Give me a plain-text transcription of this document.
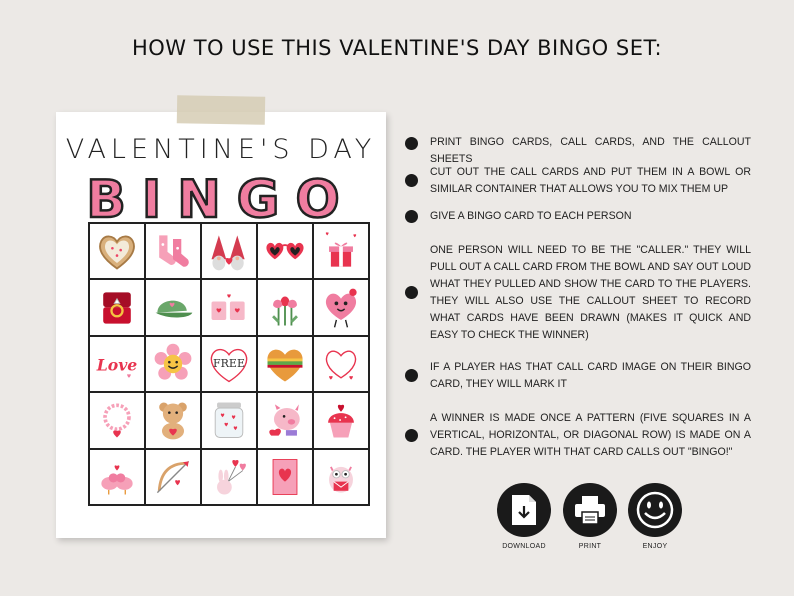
HOW TO USE THIS VALENTINE'S DAY BINGO SET:
VALENTINE'S DAY
BINGO
Love	FREE
PRINT BINGO CARDS, CALL CARDS, AND THE CALLOUT SHEETS
CUT OUT THE CALL CARDS AND PUT THEM IN A BOWL OR SIMILAR CONTAINER THAT ALLOWS YOU TO MIX THEM UP
GIVE A BINGO CARD TO EACH PERSON
ONE PERSON WILL NEED TO BE THE "CALLER." THEY WILL PULL OUT A CALL CARD FROM THE BOWL AND SAY OUT LOUD WHAT THEY PULLED AND SHOW THE CARD TO THE PLAYERS. THEY WILL ALSO USE THE CALLOUT SHEET TO RECORD WHAT CARDS HAVE BEEN DRAWN (MAKES IT QUICK AND EASY TO CHECK THE WINNER)
IF A PLAYER HAS THAT CALL CARD IMAGE ON THEIR BINGO CARD, THEY WILL MARK IT
A WINNER IS MADE ONCE A PATTERN (FIVE SQUARES IN A VERTICAL, HORIZONTAL, OR DIAGONAL ROW) IS MADE ON A CARD. THE PLAYER WITH THAT CARD CALLS OUT "BINGO!"
DOWNLOAD	PRINT	ENJOY
